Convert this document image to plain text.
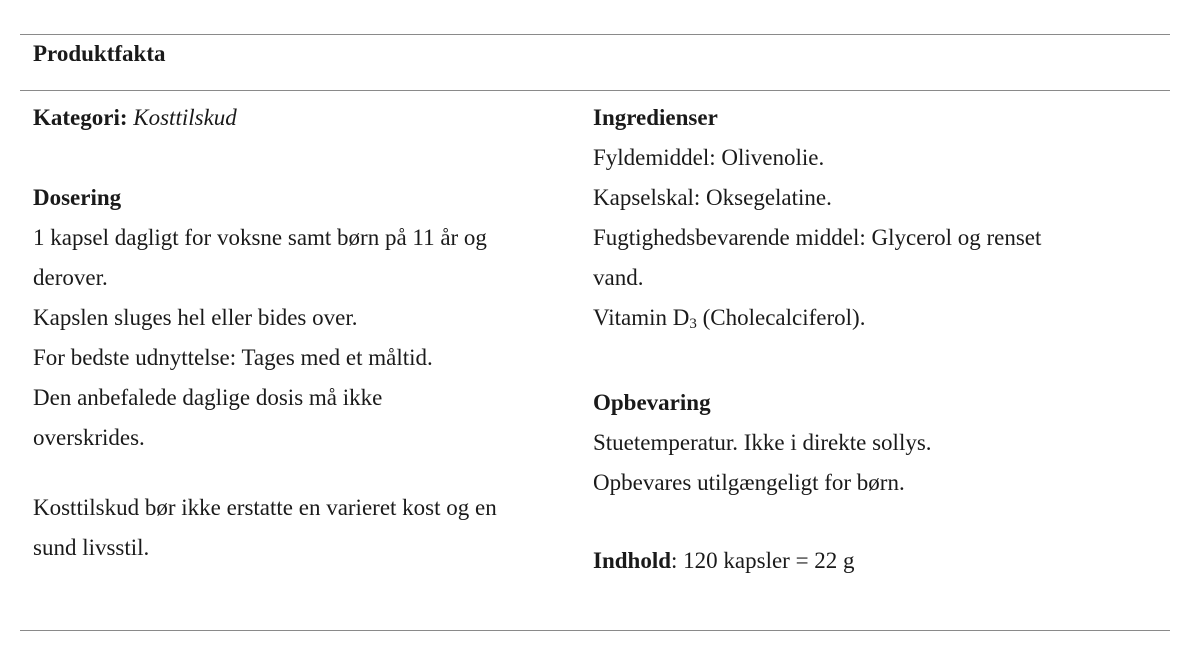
Produktfakta
Kategori: Kosttilskud
Dosering
1 kapsel dagligt for voksne samt børn på 11 år og
derover.
Kapslen sluges hel eller bides over.
For bedste udnyttelse: Tages med et måltid.
Den anbefalede daglige dosis må ikke
overskrides.
Kosttilskud bør ikke erstatte en varieret kost og en
sund livsstil.
Ingredienser
Fyldemiddel: Olivenolie.
Kapselskal: Oksegelatine.
Fugtighedsbevarende middel: Glycerol og renset
vand.
Vitamin D3 (Cholecalciferol).
Opbevaring
Stuetemperatur. Ikke i direkte sollys.
Opbevares utilgængeligt for børn.
Indhold: 120 kapsler = 22 g
